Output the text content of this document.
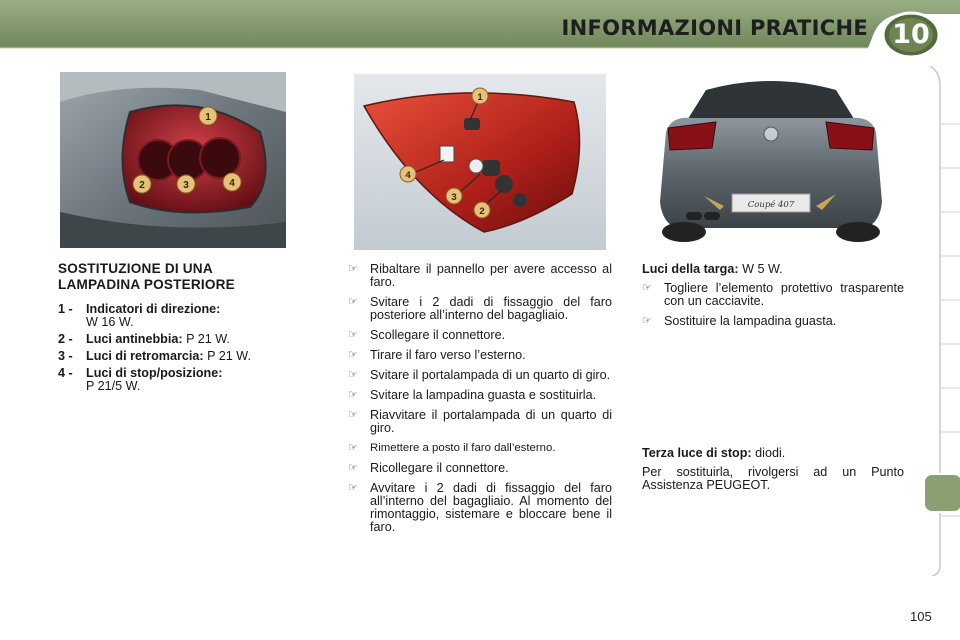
INFORMAZIONI PRATICHE 10
1
2	3	4
1
2
3
4
Coupé 407
SOSTITUZIONE DI UNA
LAMPADINA POSTERIORE
1 -	Indicatori di direzione:
W 16 W.
2 -	Luci antinebbia: P 21 W.
3 -	Luci di retromarcia: P 21 W.
4 -	Luci di stop/posizione:
P 21/5 W.
☞ Ribaltare il pannello per avere accesso al faro.
☞ Svitare i 2 dadi di fissaggio del faro posteriore all’interno del bagagliaio.
☞ Scollegare il connettore.
☞ Tirare il faro verso l’esterno.
☞ Svitare il portalampada di un quarto di giro.
☞ Svitare la lampadina guasta e sostituirla.
☞ Riavvitare il portalampada di un quarto di giro.
☞	Rimettere a posto il faro dall’esterno.
☞ Ricollegare il connettore.
☞ Avvitare i 2 dadi di fissaggio del faro all’interno del bagagliaio. Al momento del rimontaggio, sistemare e bloccare bene il faro.
Luci della targa: W 5 W.
☞ Togliere l’elemento protettivo trasparente con un cacciavite.
☞ Sostituire la lampadina guasta.
Terza luce di stop: diodi.
Per sostituirla, rivolgersi ad un Punto Assistenza PEUGEOT.
105
